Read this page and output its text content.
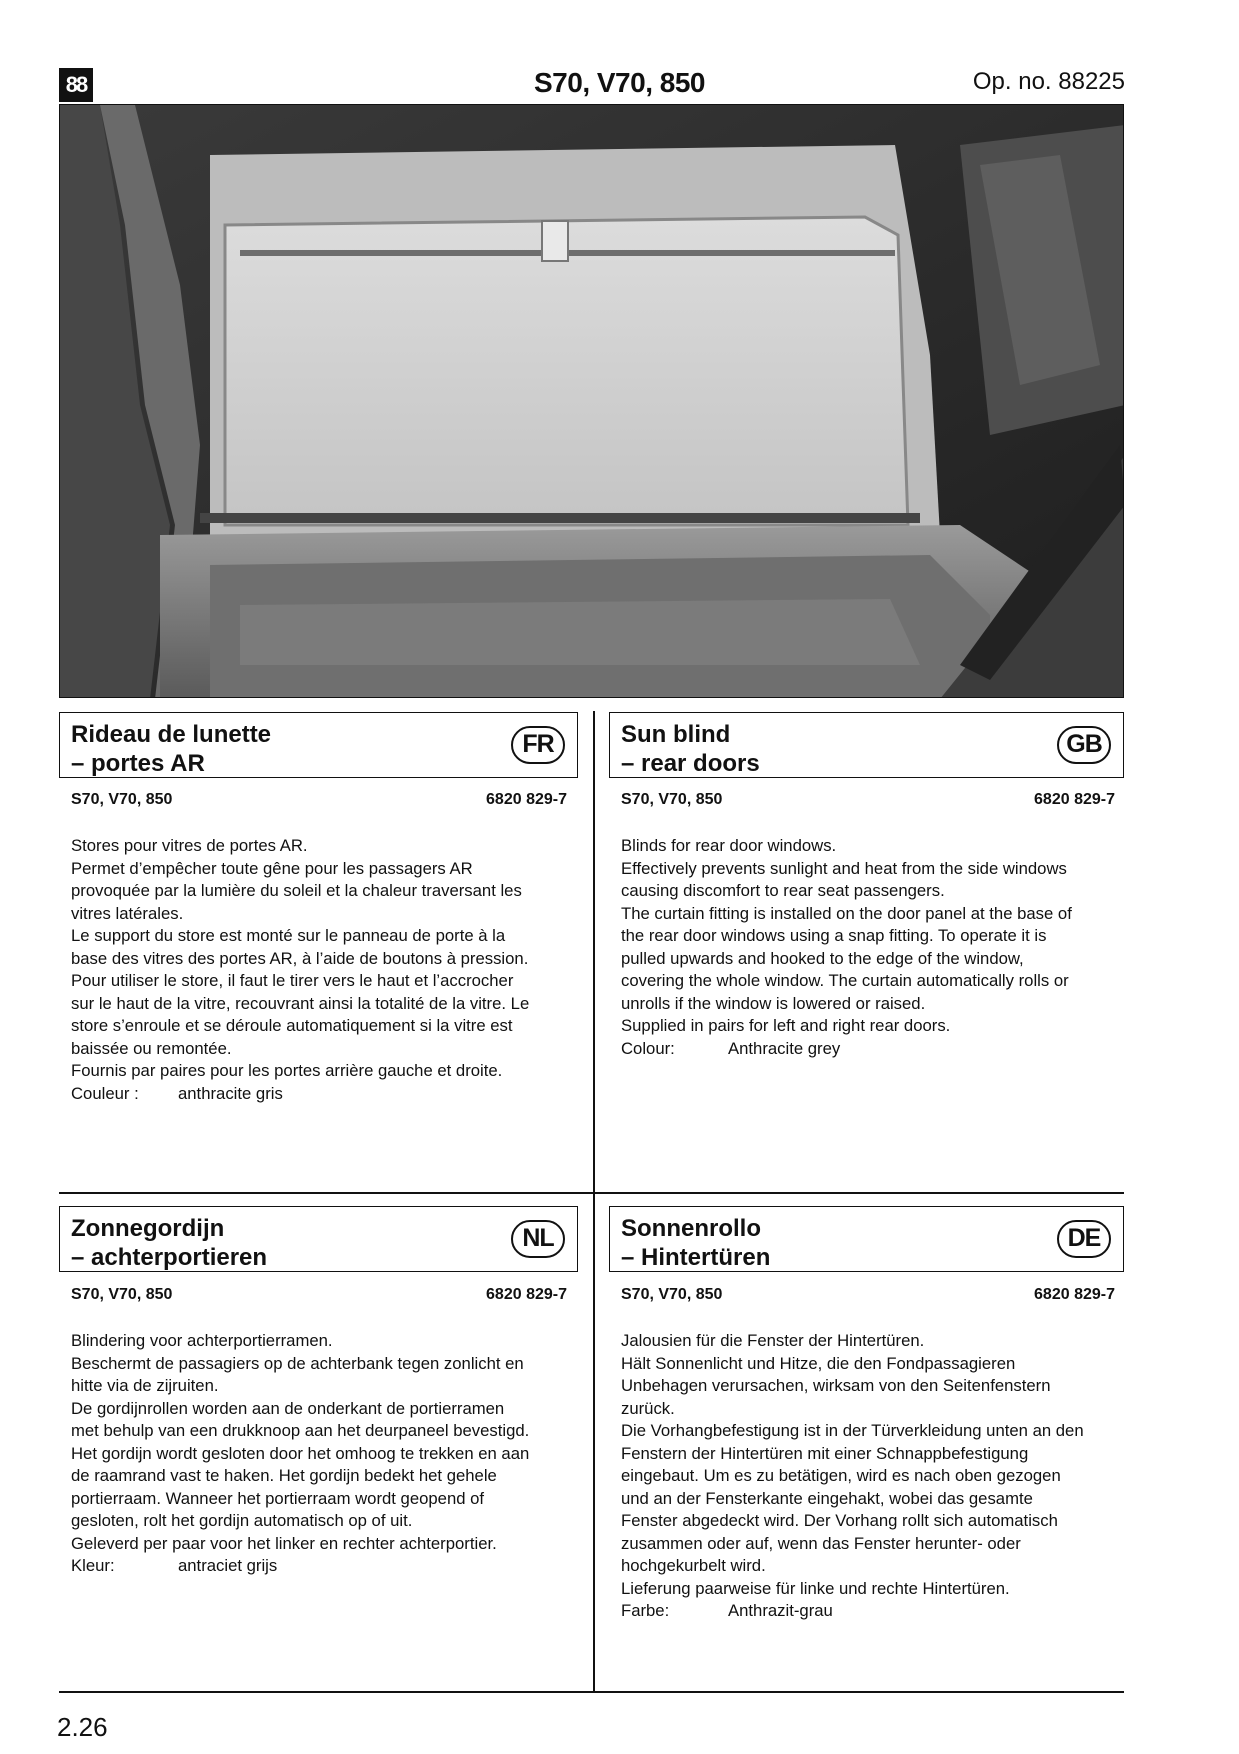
88	S70, V70, 850	Op. no. 88225
Rideau de lunette
– portes AR
FR
S70, V70, 850	6820 829-7
Stores pour vitres de portes AR.
Permet d’empêcher toute gêne pour les passagers AR
provoquée par la lumière du soleil et la chaleur traversant les
vitres latérales.
Le support du store est monté sur le panneau de porte à la
base des vitres des portes AR, à l’aide de boutons à pression.
Pour utiliser le store, il faut le tirer vers le haut et l’accrocher
sur le haut de la vitre, recouvrant ainsi la totalité de la vitre. Le
store s’enroule et se déroule automatiquement si la vitre est
baissée ou remontée.
Fournis par paires pour les portes arrière gauche et droite.
Couleur : anthracite gris
Sun blind
– rear doors
GB
S70, V70, 850	6820 829-7
Blinds for rear door windows.
Effectively prevents sunlight and heat from the side windows
causing discomfort to rear seat passengers.
The curtain fitting is installed on the door panel at the base of
the rear door windows using a snap fitting. To operate it is
pulled upwards and hooked to the edge of the window,
covering the whole window. The curtain automatically rolls or
unrolls if the window is lowered or raised.
Supplied in pairs for left and right rear doors.
Colour:	Anthracite grey
Zonnegordijn
– achterportieren
NL
S70, V70, 850	6820 829-7
Blindering voor achterportierramen.
Beschermt de passagiers op de achterbank tegen zonlicht en
hitte via de zijruiten.
De gordijnrollen worden aan de onderkant de portierramen
met behulp van een drukknoop aan het deurpaneel bevestigd.
Het gordijn wordt gesloten door het omhoog te trekken en aan
de raamrand vast te haken. Het gordijn bedekt het gehele
portierraam. Wanneer het portierraam wordt geopend of
gesloten, rolt het gordijn automatisch op of uit.
Geleverd per paar voor het linker en rechter achterportier.
Kleur:	antraciet grijs
Sonnenrollo
– Hintertüren
DE
S70, V70, 850	6820 829-7
Jalousien für die Fenster der Hintertüren.
Hält Sonnenlicht und Hitze, die den Fondpassagieren
Unbehagen verursachen, wirksam von den Seitenfenstern
zurück.
Die Vorhangbefestigung ist in der Türverkleidung unten an den
Fenstern der Hintertüren mit einer Schnappbefestigung
eingebaut. Um es zu betätigen, wird es nach oben gezogen
und an der Fensterkante eingehakt, wobei das gesamte
Fenster abgedeckt wird. Der Vorhang rollt sich automatisch
zusammen oder auf, wenn das Fenster herunter- oder
hochgekurbelt wird.
Lieferung paarweise für linke und rechte Hintertüren.
Farbe:	Anthrazit-grau
2.26
